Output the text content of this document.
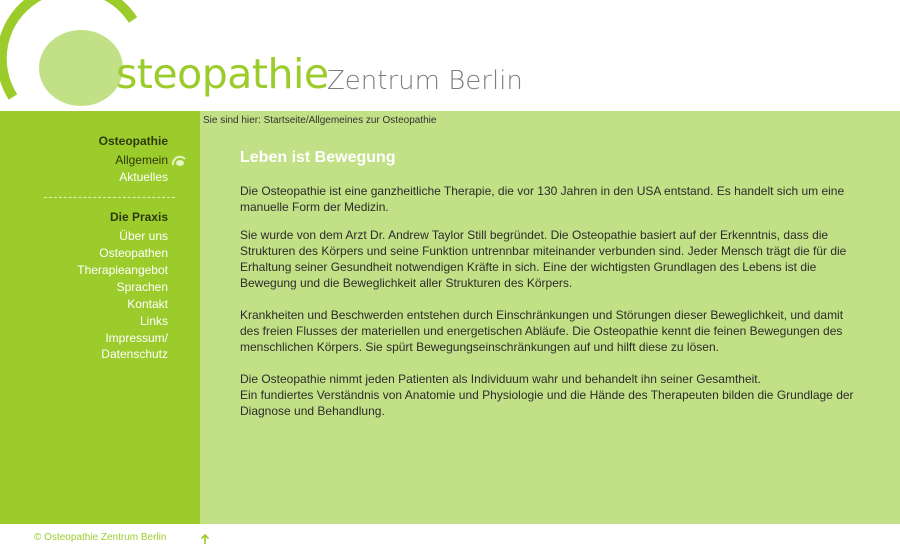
steopathie
Zentrum Berlin
Osteopathie
Allgemein
Aktuelles
Die Praxis
Über uns
Osteopathen
Therapieangebot
Sprachen
Kontakt
Links
Impressum/
Datenschutz
Sie sind hier: Startseite/Allgemeines zur Osteopathie
Leben ist Bewegung

Die Osteopathie ist eine ganzheitliche Therapie, die vor 130 Jahren in den USA entstand. Es handelt sich um eine manuelle Form der Medizin.

Sie wurde von dem Arzt Dr. Andrew Taylor Still begründet. Die Osteopathie basiert auf der Erkenntnis, dass die Strukturen des Körpers und seine Funktion untrennbar miteinander verbunden sind. Jeder Mensch trägt die für die Erhaltung seiner Gesundheit notwendigen Kräfte in sich. Eine der wichtigsten Grundlagen des Lebens ist die Bewegung und die Beweglichkeit aller Strukturen des Körpers.

Krankheiten und Beschwerden entstehen durch Einschränkungen und Störungen dieser Beweglichkeit, und damit des freien Flusses der materiellen und energetischen Abläufe. Die Osteopathie kennt die feinen Bewegungen des menschlichen Körpers. Sie spürt Bewegungseinschränkungen auf und hilft diese zu lösen.

Die Osteopathie nimmt jeden Patienten als Individuum wahr und behandelt ihn seiner Gesamtheit.

Ein fundiertes Verständnis von Anatomie und Physiologie und die Hände des Therapeuten bilden die Grundlage der Diagnose und Behandlung.

© Osteopathie Zentrum Berlin
